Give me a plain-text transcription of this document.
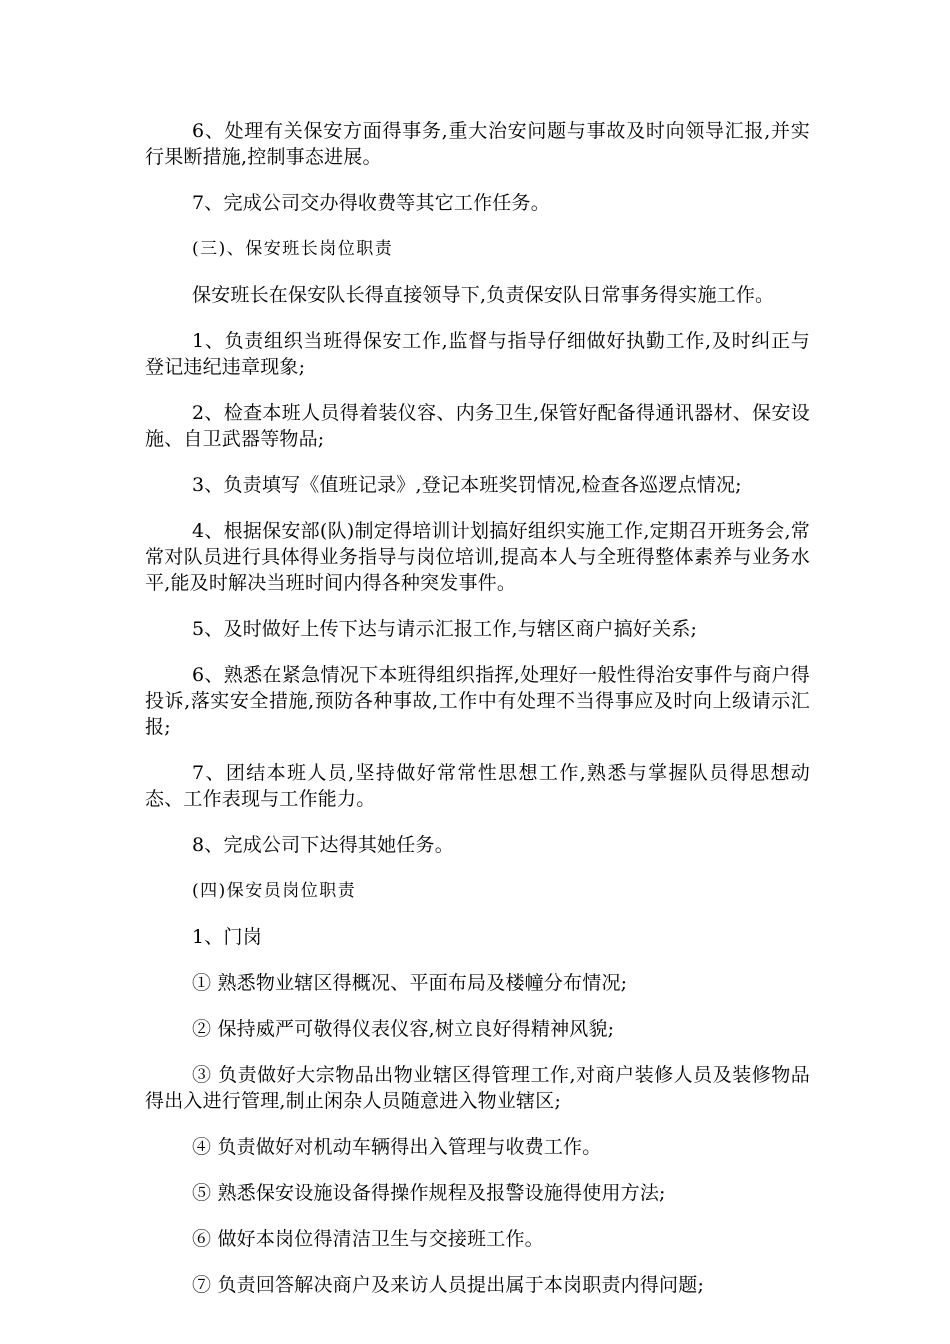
6、处理有关保安方面得事务,重大治安问题与事故及时向领导汇报,并实行果断措施,控制事态进展。

7、完成公司交办得收费等其它工作任务。

(三)、保安班长岗位职责

保安班长在保安队长得直接领导下,负责保安队日常事务得实施工作。

1、负责组织当班得保安工作,监督与指导仔细做好执勤工作,及时纠正与登记违纪违章现象;

2、检查本班人员得着装仪容、内务卫生,保管好配备得通讯器材、保安设施、自卫武器等物品;

3、负责填写《值班记录》,登记本班奖罚情况,检查各巡逻点情况;

4、根据保安部(队)制定得培训计划搞好组织实施工作,定期召开班务会,常常对队员进行具体得业务指导与岗位培训,提高本人与全班得整体素养与业务水平,能及时解决当班时间内得各种突发事件。

5、及时做好上传下达与请示汇报工作,与辖区商户搞好关系;

6、熟悉在紧急情况下本班得组织指挥,处理好一般性得治安事件与商户得投诉,落实安全措施,预防各种事故,工作中有处理不当得事应及时向上级请示汇报;

7、团结本班人员,坚持做好常常性思想工作,熟悉与掌握队员得思想动态、工作表现与工作能力。

8、完成公司下达得其她任务。

(四)保安员岗位职责

1、门岗

① 熟悉物业辖区得概况、平面布局及楼幢分布情况;

② 保持威严可敬得仪表仪容,树立良好得精神风貌;

③ 负责做好大宗物品出物业辖区得管理工作,对商户装修人员及装修物品得出入进行管理,制止闲杂人员随意进入物业辖区;

④ 负责做好对机动车辆得出入管理与收费工作。

⑤ 熟悉保安设施设备得操作规程及报警设施得使用方法;

⑥ 做好本岗位得清洁卫生与交接班工作。

⑦ 负责回答解决商户及来访人员提出属于本岗职责内得问题;
